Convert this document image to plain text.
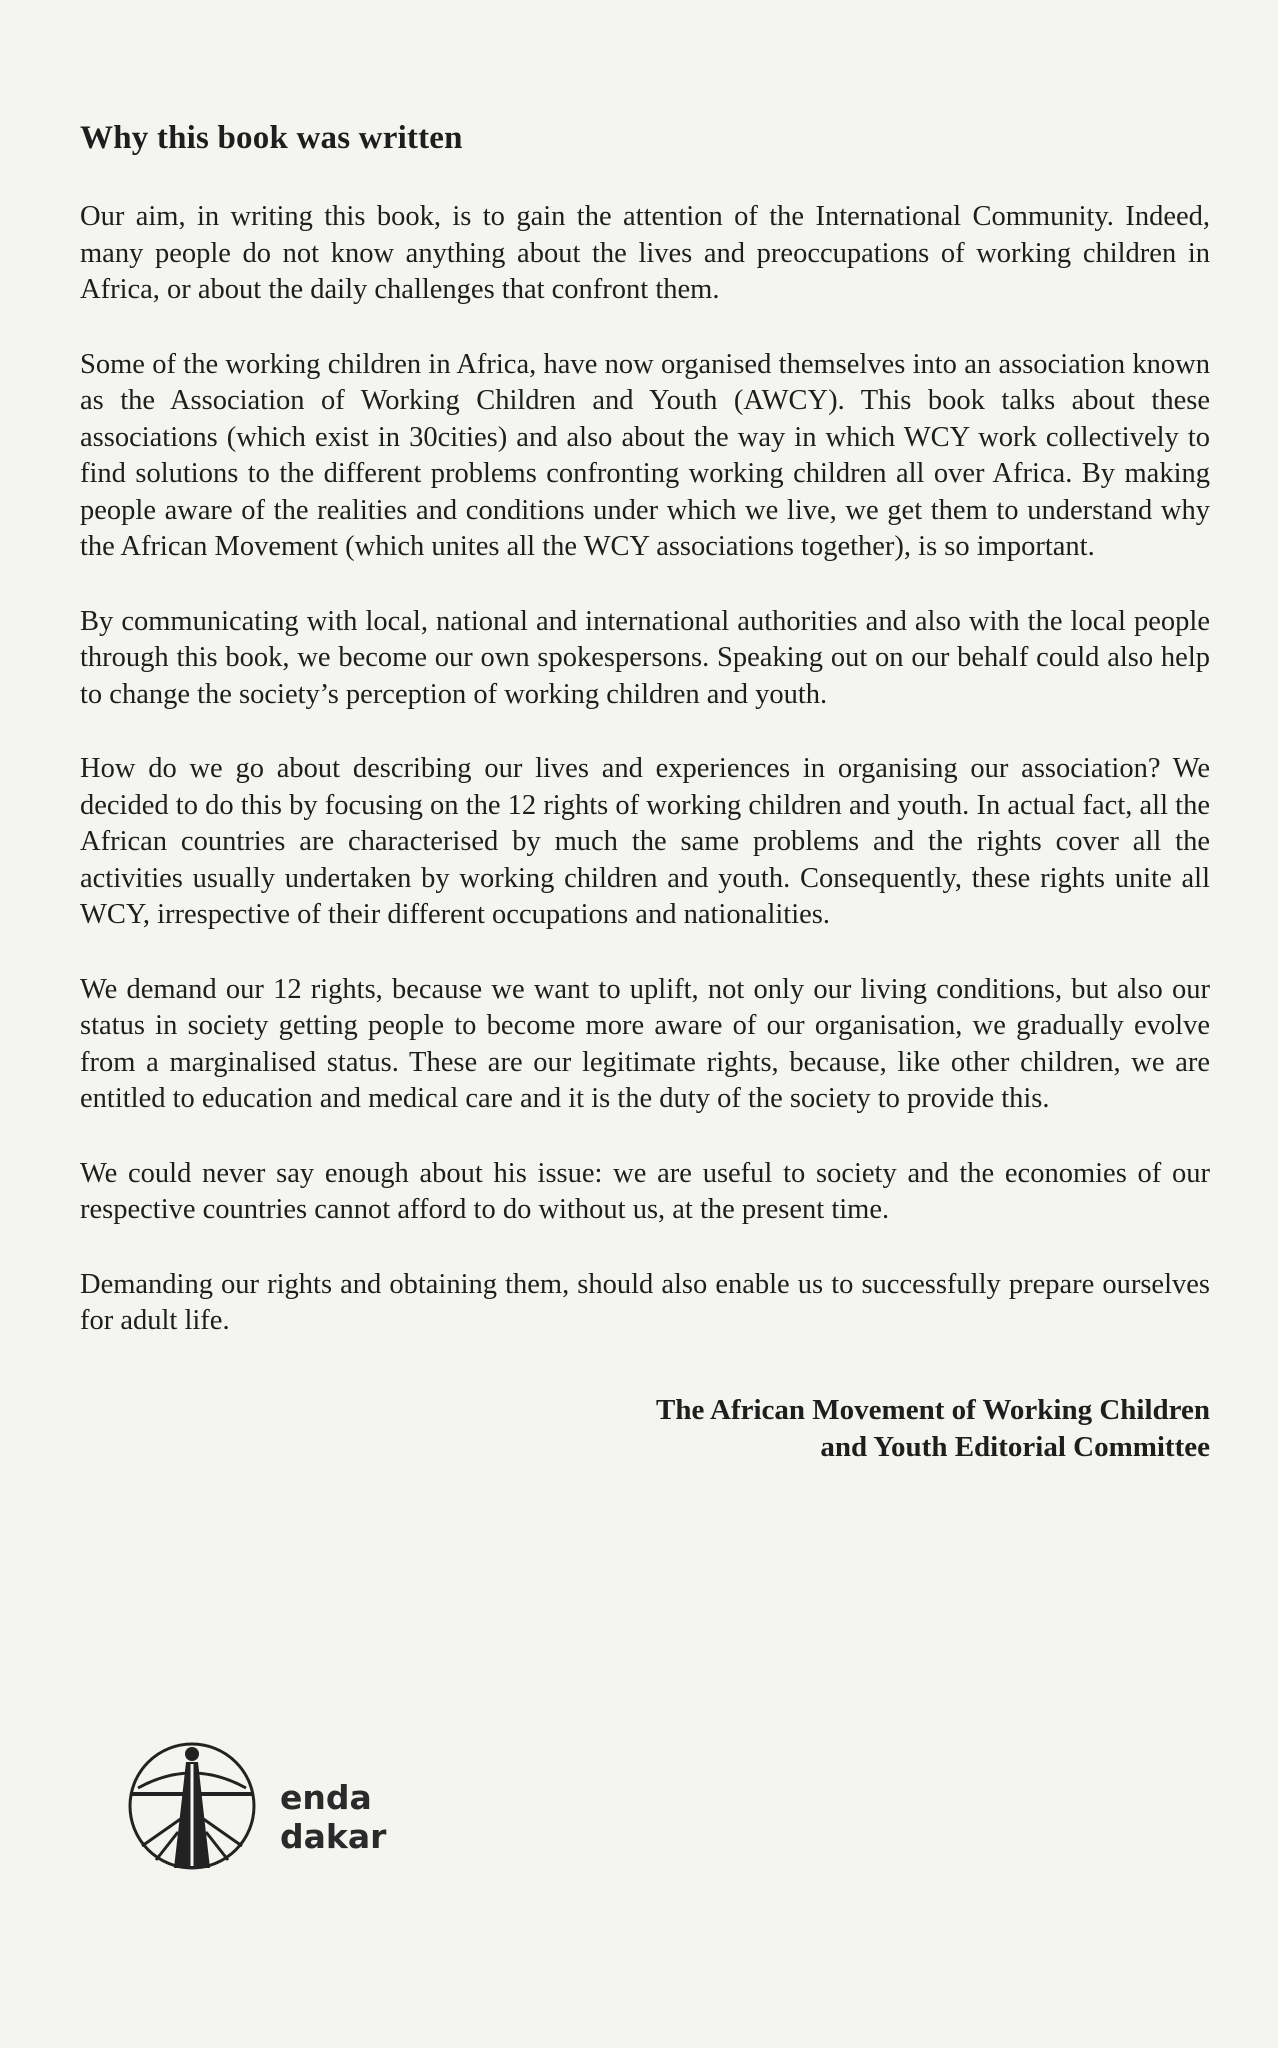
Why this book was written

Our aim, in writing this book, is to gain the attention of the International Community. Indeed, many people do not know anything about the lives and preoccupations of working children in Africa, or about the daily challenges that confront them.

Some of the working children in Africa, have now organised themselves into an association known as the Association of Working Children and Youth (AWCY). This book talks about these associations (which exist in 30cities) and also about the way in which WCY work collectively to find solutions to the different problems confronting working children all over Africa. By making people aware of the realities and conditions under which we live, we get them to understand why the African Movement (which unites all the WCY associations together), is so important.

By communicating with local, national and international authorities and also with the local people through this book, we become our own spokespersons. Speaking out on our behalf could also help to change the society’s perception of working children and youth.

How do we go about describing our lives and experiences in organising our association? We decided to do this by focusing on the 12 rights of working children and youth. In actual fact, all the African countries are characterised by much the same problems and the rights cover all the activities usually undertaken by working children and youth. Consequently, these rights unite all WCY, irrespective of their different occupations and nationalities.

We demand our 12 rights, because we want to uplift, not only our living conditions, but also our status in society getting people to become more aware of our organisation, we gradually evolve from a marginalised status. These are our legitimate rights, because, like other children, we are entitled to education and medical care and it is the duty of the society to provide this.

We could never say enough about his issue: we are useful to society and the economies of our respective countries cannot afford to do without us, at the present time.

Demanding our rights and obtaining them, should also enable us to successfully prepare ourselves for adult life.

The African Movement of Working Children
and Youth Editorial Committee
enda
dakar
